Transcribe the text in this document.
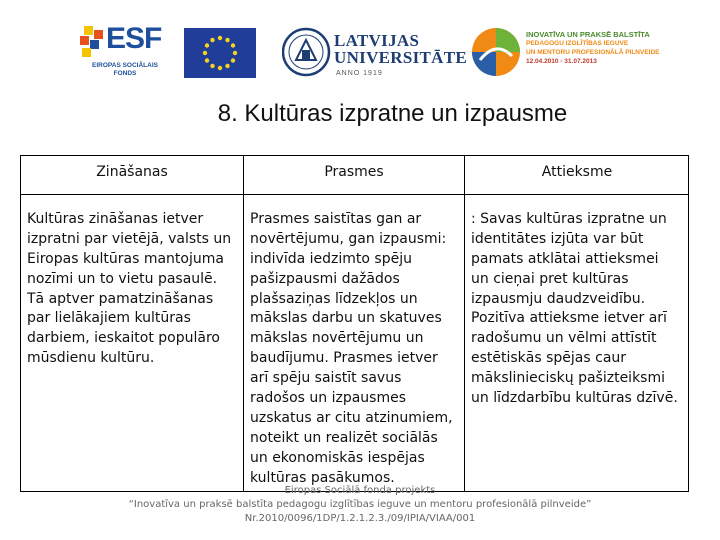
ESF
EIROPAS SOCIĀLAIS FONDS
LATVIJAS
UNIVERSITĀTE
ANNO 1919
INOVATĪVA UN PRAKSĒ BALSTĪTA
PEDAGOGU IZGLĪTĪBAS IEGUVE
UN MENTORU PROFESIONĀLĀ PILNVEIDE
12.04.2010 - 31.07.2013
8. Kultūras izpratne un izpausme
Zināšanas	Prasmes	Attieksme
Kultūras zināšanas ietver
izpratni par vietējā, valsts un
Eiropas kultūras mantojuma
nozīmi un to vietu pasaulē.
Tā aptver pamatzināšanas
par lielākajiem kultūras
darbiem, ieskaitot populāro
mūsdienu kultūru.
Prasmes saistītas gan ar
novērtējumu, gan izpausmi:
indivīda iedzimto spēju
pašizpausmi dažādos
plašsaziņas līdzekļos un
mākslas darbu un skatuves
mākslas novērtējumu un
baudījumu. Prasmes ietver
arī spēju saistīt savus
radošos un izpausmes
uzskatus ar citu atzinumiem,
noteikt un realizēt sociālās
un ekonomiskās iespējas
kultūras pasākumos.
: Savas kultūras izpratne un
identitātes izjūta var būt
pamats atklātai attieksmei
un cieņai pret kultūras
izpausmju daudzveidību.
Pozitīva attieksme ietver arī
radošumu un vēlmi attīstīt
estētiskās spējas caur
mākslinieciskų pašizteiksmi
un līdzdarbību kultūras dzīvē.
Eiropas Sociālā fonda projekts
“Inovatīva un praksē balstīta pedagogu izglītības ieguve un mentoru profesionālā pilnveide”
Nr.2010/0096/1DP/1.2.1.2.3./09/IPIA/VIAA/001
